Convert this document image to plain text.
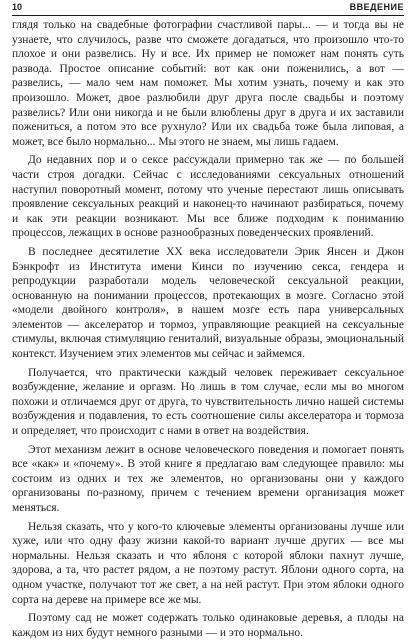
10	ВВЕДЕНИЕ

глядя только на свадебные фотографии счастливой пары... — и тогда вы не узнаете, что случилось, разве что сможете догадаться, что произошло что-то плохое и они развелись. Ну и все. Их пример не поможет нам понять суть развода. Простое описание событий: вот как они поженились, а вот — развелись, — мало чем нам поможет. Мы хотим узнать, почему и как это произошло. Может, двое разлюбили друг друга после свадьбы и поэтому развелись? Или они никогда и не были влюблены друг в друга и их заставили пожениться, а потом это все рухнуло? Или их свадьба тоже была липовая, а может, все было нормально... Мы этого не знаем, мы лишь гадаем.

До недавних пор и о сексе рассуждали примерно так же — по большей части строя догадки. Сейчас с исследованиями сексуальных отношений наступил поворотный момент, потому что ученые перестают лишь описывать проявление сексуальных реакций и наконец-то начинают разбираться, почему и как эти реакции возникают. Мы все ближе подходим к пониманию процессов, лежащих в основе разнообразных поведенческих проявлений.

В последнее десятилетие XX века исследователи Эрик Янсен и Джон Бэнкрофт из Института имени Кинси по изучению секса, гендера и репродукции разработали модель человеческой сексуальной реакции, основанную на понимании процессов, протекающих в мозге. Согласно этой «модели двойного контроля», в нашем мозге есть пара универсальных элементов — акселератор и тормоз, управляющие реакцией на сексуальные стимулы, включая стимуляцию гениталий, визуальные образы, эмоциональный контекст. Изучением этих элементов мы сейчас и займемся.

Получается, что практически каждый человек переживает сексуальное возбуждение, желание и оргазм. Но лишь в том случае, если мы во многом похожи и отличаемся друг от друга, то чувствительность лично нашей системы возбуждения и подавления, то есть соотношение силы акселератора и тормоза и определяет, что происходит с нами в ответ на воздействия.

Этот механизм лежит в основе человеческого поведения и помогает понять все «как» и «почему». В этой книге я предлагаю вам следующее правило: мы состоим из одних и тех же элементов, но организованы они у каждого организованы по-разному, причем с течением времени организация может меняться.

Нельзя сказать, что у кого-то ключевые элементы организованы лучше или хуже, или что одну фазу жизни какой-то вариант лучше других — все мы нормальны. Нельзя сказать и что яблоня с которой яблоки пахнут лучше, здорова, а та, что растет рядом, а не поэтому растут. Яблони одного сорта, на одном участке, получают тот же свет, а на ней растут. При этом яблоки одного сорта на дереве на примере все же мы.

Поэтому сад не может содержать только одинаковые деревья, а плоды на каждом из них будут немного разными — и это нормально.
